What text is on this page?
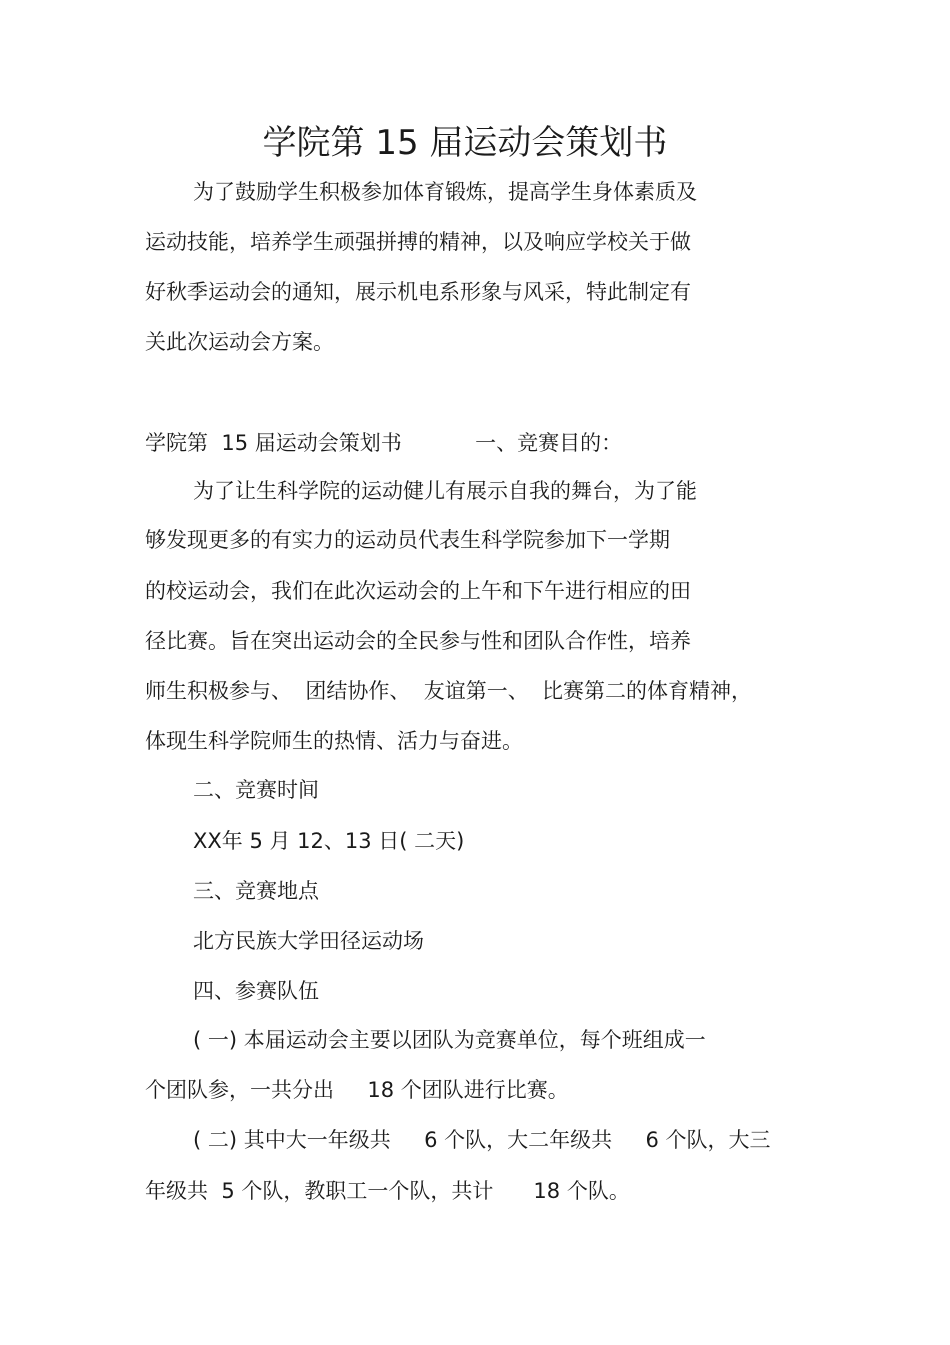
学院第 15 届运动会策划书
为了鼓励学生积极参加体育锻炼，提高学生身体素质及
运动技能，培养学生顽强拼搏的精神，以及响应学校关于做
好秋季运动会的通知，展示机电系形象与风采，特此制定有
关此次运动会方案。
学院第  15 届运动会策划书           一、竞赛目的：
为了让生科学院的运动健儿有展示自我的舞台，为了能
够发现更多的有实力的运动员代表生科学院参加下一学期
的校运动会，我们在此次运动会的上午和下午进行相应的田
径比赛。旨在突出运动会的全民参与性和团队合作性，培养
师生积极参与、  团结协作、  友谊第一、  比赛第二的体育精神，
体现生科学院师生的热情、活力与奋进。
二、竞赛时间
XX年 5 月 12、13 日( 二天)
三、竞赛地点
北方民族大学田径运动场
四、参赛队伍
( 一) 本届运动会主要以团队为竞赛单位，每个班组成一
个团队参，一共分出     18 个团队进行比赛。
( 二) 其中大一年级共     6 个队，大二年级共     6 个队，大三
年级共  5 个队，教职工一个队，共计      18 个队。
